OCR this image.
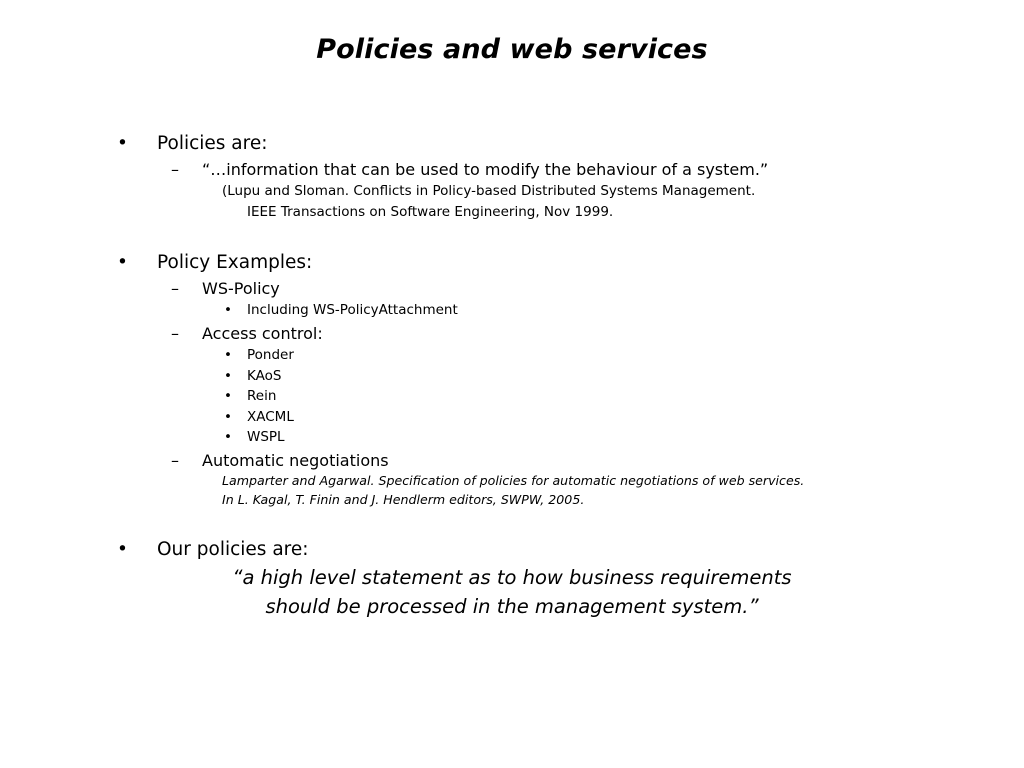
Policies and web services
• Policies are:
– “…information that can be used to modify the behaviour of a system.”
(Lupu and Sloman. Conflicts in Policy-based Distributed Systems Management.
IEEE Transactions on Software Engineering, Nov 1999.
• Policy Examples:
– WS-Policy
• Including WS-PolicyAttachment
– Access control:
• Ponder
• KAoS
• Rein
• XACML
• WSPL
– Automatic negotiations
Lamparter and Agarwal. Specification of policies for automatic negotiations of web services.
In L. Kagal, T. Finin and J. Hendlerm editors, SWPW, 2005.
• Our policies are:
“a high level statement as to how business requirements
should be processed in the management system.”
